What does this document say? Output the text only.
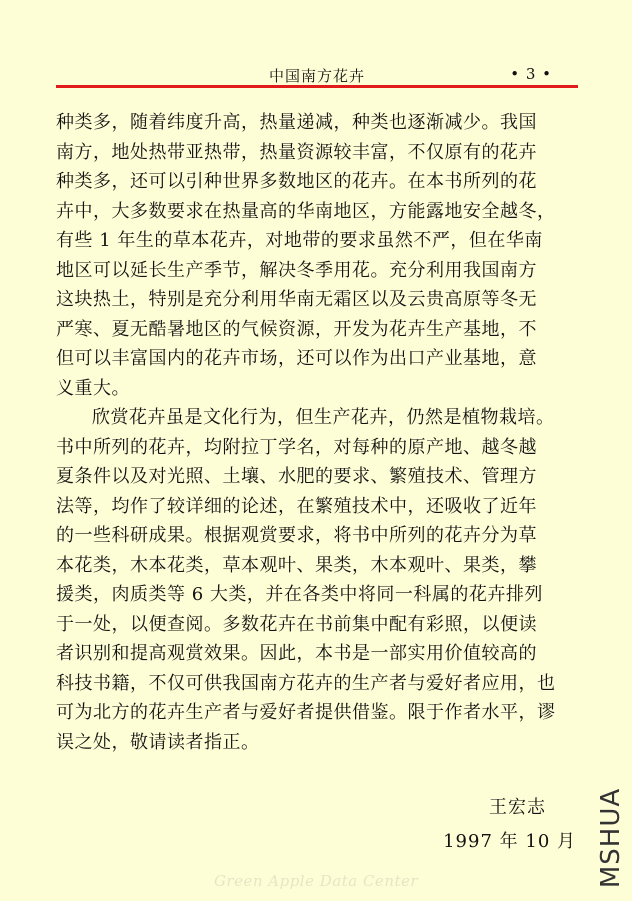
中国南方花卉	• 3 •
种类多，随着纬度升高，热量递减，种类也逐渐减少。我国
南方，地处热带亚热带，热量资源较丰富，不仅原有的花卉
种类多，还可以引种世界多数地区的花卉。在本书所列的花
卉中，大多数要求在热量高的华南地区，方能露地安全越冬，
有些 1 年生的草本花卉，对地带的要求虽然不严，但在华南
地区可以延长生产季节，解决冬季用花。充分利用我国南方
这块热土，特别是充分利用华南无霜区以及云贵高原等冬无
严寒、夏无酷暑地区的气候资源，开发为花卉生产基地，不
但可以丰富国内的花卉市场，还可以作为出口产业基地，意
义重大。
欣赏花卉虽是文化行为，但生产花卉，仍然是植物栽培。
书中所列的花卉，均附拉丁学名，对每种的原产地、越冬越
夏条件以及对光照、土壤、水肥的要求、繁殖技术、管理方
法等，均作了较详细的论述，在繁殖技术中，还吸收了近年
的一些科研成果。根据观赏要求，将书中所列的花卉分为草
本花类，木本花类，草本观叶、果类，木本观叶、果类，攀
援类，肉质类等 6 大类，并在各类中将同一科属的花卉排列
于一处，以便查阅。多数花卉在书前集中配有彩照，以便读
者识别和提高观赏效果。因此，本书是一部实用价值较高的
科技书籍，不仅可供我国南方花卉的生产者与爱好者应用，也
可为北方的花卉生产者与爱好者提供借鉴。限于作者水平，谬
误之处，敬请读者指正。
王宏志
1997 年 10 月
Green Apple Data Center	MSHUA
